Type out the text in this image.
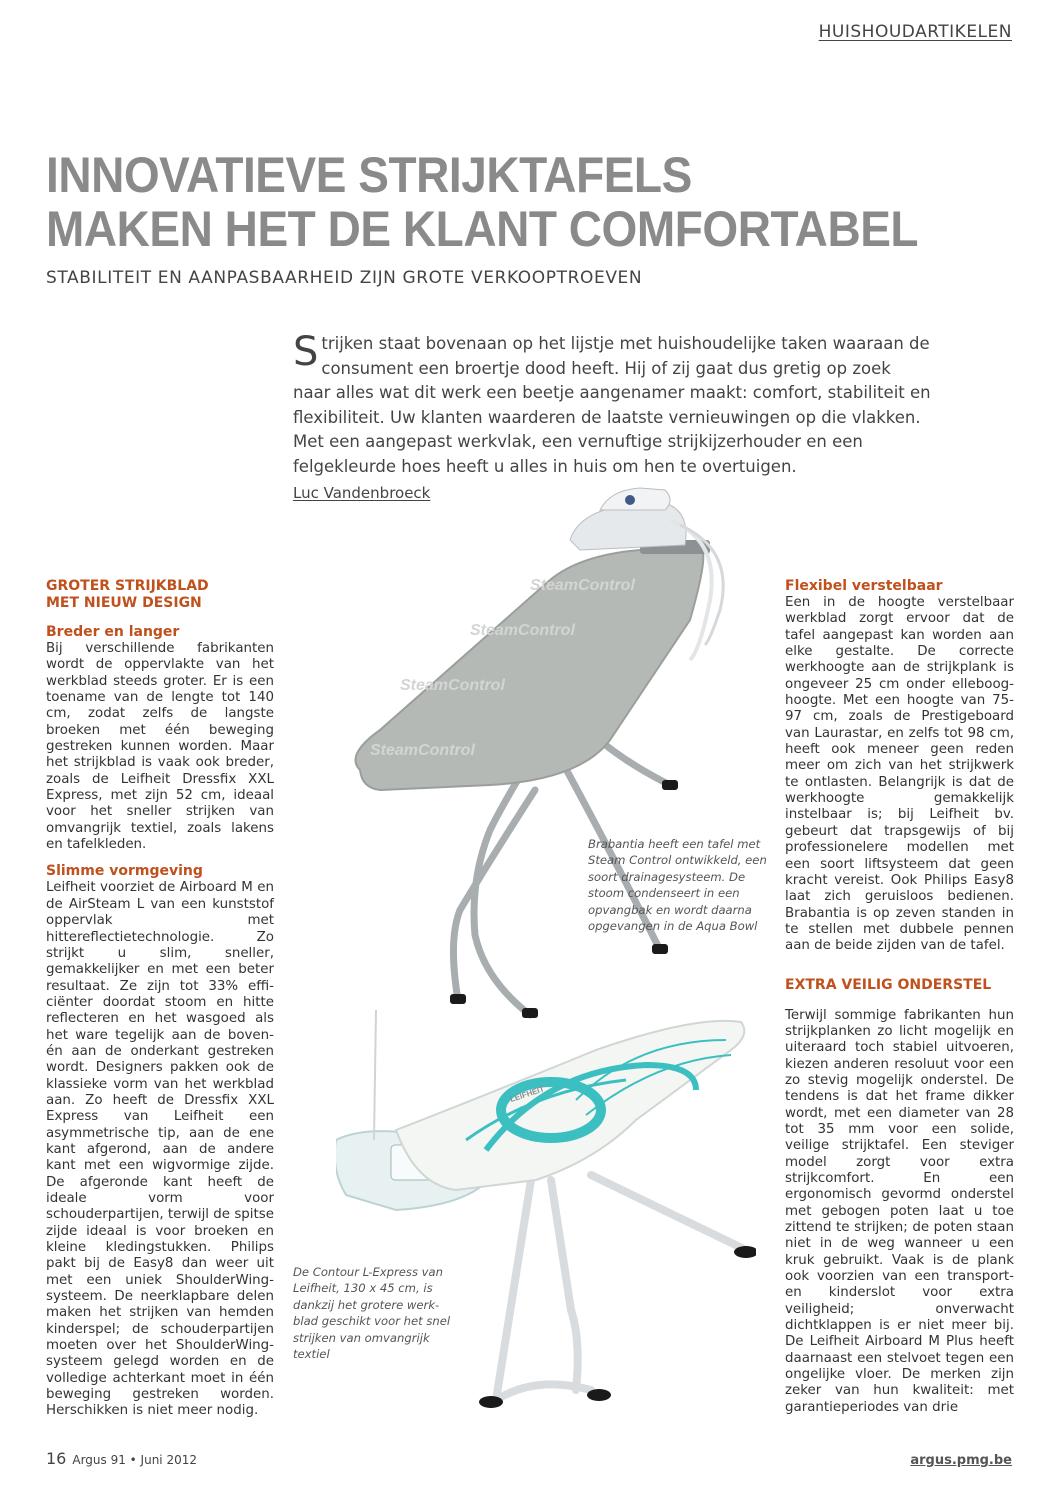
HUISHOUDARTIKELEN
INNOVATIEVE STRIJKTAFELS
MAKEN HET DE KLANT COMFORTABEL
STABILITEIT EN AANPASBAARHEID ZIJN GROTE VERKOOPTROEVEN
Strijken staat bovenaan op het lijstje met huishoudelijke taken waaraan de consument een broertje dood heeft. Hij of zij gaat dus gretig op zoek naar alles wat dit werk een beetje aangenamer maakt: comfort, stabiliteit en flexibiliteit. Uw klanten waarderen de laatste vernieuwingen op die vlakken. Met een aangepast werkvlak, een vernuftige strijkijzerhouder en een felgekleurde hoes heeft u alles in huis om hen te overtuigen.
Luc Vandenbroeck
GROTER STRIJKBLAD
MET NIEUW DESIGN
Breder en langer

Bij verschillende fabrikanten wordt de oppervlakte van het werkblad steeds groter. Er is een toename van de lengte tot 140 cm, zodat zelfs de langste broeken met één beweging gestreken kunnen worden. Maar het strijkblad is vaak ook breder, zoals de Leifheit Dressfix XXL Express, met zijn 52 cm, ideaal voor het sneller strijken van omvangrijk textiel, zoals lakens en tafelkleden.

Slimme vormgeving

Leifheit voorziet de Airboard M en de AirSteam L van een kunststof oppervlak met hittereflectietechnologie. Zo strijkt u slim, sneller, gemakkelijker en met een beter resultaat. Ze zijn tot 33% efficiënter doordat stoom en hitte reflecteren en het wasgoed als het ware tegelijk aan de boven- én aan de onderkant gestreken wordt. Designers pakken ook de klassieke vorm van het werkblad aan. Zo heeft de Dressfix XXL Express van Leifheit een asymmetrische tip, aan de ene kant afgerond, aan de andere kant met een wigvormige zijde. De afgeronde kant heeft de ideale vorm voor schouderpartijen, terwijl de spitse zijde ideaal is voor broeken en kleine kledingstukken. Philips pakt bij de Easy8 dan weer uit met een uniek ShoulderWing-systeem. De neerklapbare delen maken het strijken van hemden kinderspel; de schouderpartijen moeten over het ShoulderWing-systeem gelegd worden en de volledige achterkant moet in één beweging gestreken worden. Herschikken is niet meer nodig.

Flexibel verstelbaar

Een in de hoogte verstelbaar werkblad zorgt ervoor dat de tafel aangepast kan worden aan elke gestalte. De correcte werkhoogte aan de strijkplank is ongeveer 25 cm onder ellebooghoogte. Met een hoogte van 75-97 cm, zoals de Prestigeboard van Laurastar, en zelfs tot 98 cm, heeft ook meneer geen reden meer om zich van het strijkwerk te ontlasten. Belangrijk is dat de werkhoogte gemakkelijk instelbaar is; bij Leifheit bv. gebeurt dat trapsgewijs of bij professionelere modellen met een soort liftsysteem dat geen kracht vereist. Ook Philips Easy8 laat zich geruisloos bedienen. Brabantia is op zeven standen in te stellen met dubbele pennen aan de beide zijden van de tafel.

EXTRA VEILIG ONDERSTEL

Terwijl sommige fabrikanten hun strijkplanken zo licht mogelijk en uiteraard toch stabiel uitvoeren, kiezen anderen resoluut voor een zo stevig mogelijk onderstel. De tendens is dat het frame dikker wordt, met een diameter van 28 tot 35 mm voor een solide, veilige strijktafel. Een steviger model zorgt voor extra strijkcomfort. En een ergonomisch gevormd onderstel met gebogen poten laat u toe zittend te strijken; de poten staan niet in de weg wanneer u een kruk gebruikt. Vaak is de plank ook voorzien van een transport- en kinderslot voor extra veiligheid; onverwacht dichtklappen is er niet meer bij. De Leifheit Airboard M Plus heeft daarnaast een stelvoet tegen een ongelijke vloer. De merken zijn zeker van hun kwaliteit: met garantieperiodes van drie

SteamControl
SteamControl
SteamControl
SteamControl
LEIFHEIT
Brabantia heeft een tafel met Steam Control ontwikkeld, een soort drainagesysteem. De stoom condenseert in een opvangbak en wordt daarna opgevangen in de Aqua Bowl
De Contour L-Express van Leifheit, 130 x 45 cm, is dankzij het grotere werkblad geschikt voor het snel strijken van omvangrijk textiel
16 Argus 91 • Juni 2012	argus.pmg.be
